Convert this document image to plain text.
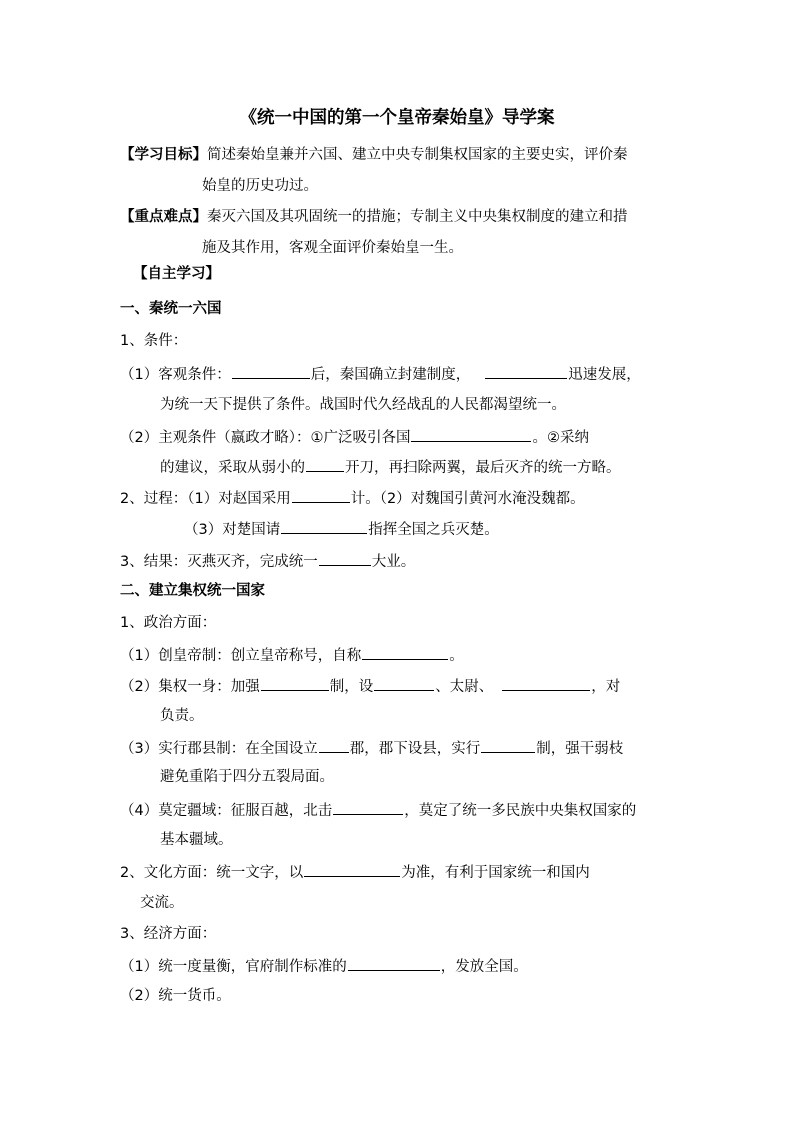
《统一中国的第一个皇帝秦始皇》导学案
【学习目标】简述秦始皇兼并六国、建立中央专制集权国家的主要史实，评价秦
始皇的历史功过。
【重点难点】秦灭六国及其巩固统一的措施；专制主义中央集权制度的建立和措
施及其作用，客观全面评价秦始皇一生。
【自主学习】
一、秦统一六国
1、条件：
（1）客观条件：	后，秦国确立封建制度，	迅速发展，
为统一天下提供了条件。战国时代久经战乱的人民都渴望统一。
（2）主观条件（嬴政才略）：①广泛吸引各国	。②采纳
的建议，采取从弱小的	开刀，再扫除两翼，最后灭齐的统一方略。
2、过程：（1）对赵国采用	计。（2）对魏国引黄河水淹没魏都。
（3）对楚国请	指挥全国之兵灭楚。
3、结果：灭燕灭齐，完成统一	大业。
二、建立集权统一国家
1、政治方面：
（1）创皇帝制：创立皇帝称号，自称	。
（2）集权一身：加强	制，设	、太尉、	，对
负责。
（3）实行郡县制：在全国设立 郡，郡下设县，实行	制，强干弱枝
避免重陷于四分五裂局面。
（4）莫定疆域：征服百越，北击	，莫定了统一多民族中央集权国家的
基本疆域。
2、文化方面：统一文字，以	为准，有利于国家统一和国内
交流。
3、经济方面：
（1）统一度量衡，官府制作标准的	，发放全国。
（2）统一货币。
